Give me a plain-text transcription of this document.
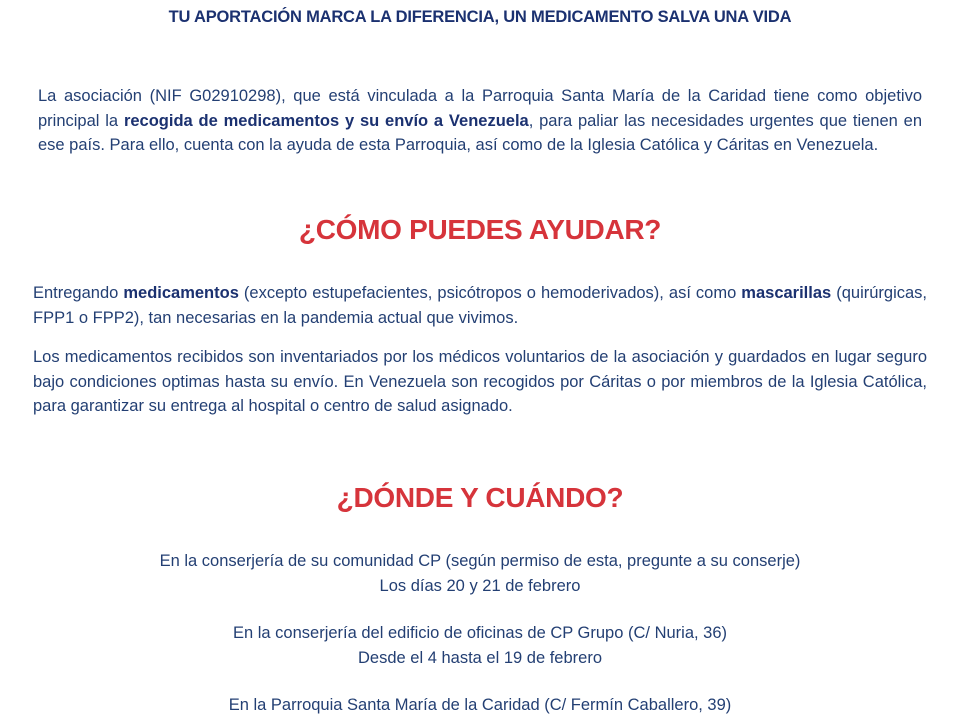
TU APORTACIÓN MARCA LA DIFERENCIA, UN MEDICAMENTO SALVA UNA VIDA
La asociación (NIF G02910298), que está vinculada a la Parroquia Santa María de la Caridad tiene como objetivo principal la recogida de medicamentos y su envío a Venezuela, para paliar las necesidades urgentes que tienen en ese país. Para ello, cuenta con la ayuda de esta Parroquia, así como de la Iglesia Católica y Cáritas en Venezuela.
¿CÓMO PUEDES AYUDAR?
Entregando medicamentos (excepto estupefacientes, psicótropos o hemoderivados), así como mascarillas (quirúrgicas, FPP1 o FPP2), tan necesarias en la pandemia actual que vivimos.
Los medicamentos recibidos son inventariados por los médicos voluntarios de la asociación y guardados en lugar seguro bajo condiciones optimas hasta su envío. En Venezuela son recogidos por Cáritas o por miembros de la Iglesia Católica, para garantizar su entrega al hospital o centro de salud asignado.
¿DÓNDE Y CUÁNDO?
En la conserjería de su comunidad CP (según permiso de esta, pregunte a su conserje)
Los días 20 y 21 de febrero
En la conserjería del edificio de oficinas de CP Grupo (C/ Nuria, 36)
Desde el 4 hasta el 19 de febrero
En la Parroquia Santa María de la Caridad (C/ Fermín Caballero, 39)
